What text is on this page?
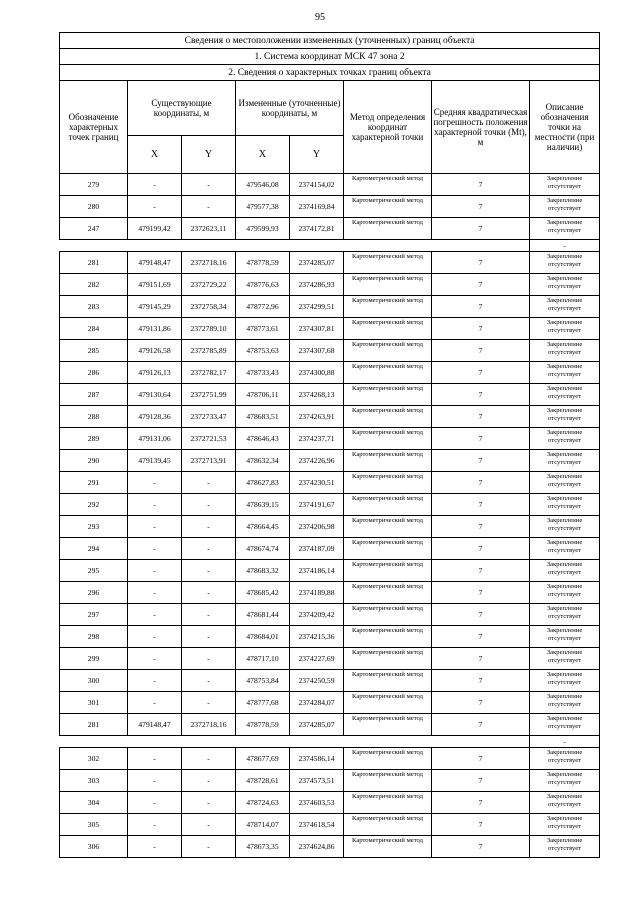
95
Сведения о местоположении измененных (уточненных) границ объекта							
1. Система координат МСК 47 зона 2							
2. Сведения о характерных точках границ объекта							
Обозначение характерных точек границ	Существующие координаты, м		Измененные (уточненные) координаты, м		Метод определения координат характерной точки	Средняя квадратическая погрешность положения характерной точки (Mt), м	Описание обозначения точки на местности (при наличии)
	X	Y	X	Y			
279	-	-	479546,08	2374154,02	Картометрический метод	7	Закрепление отсутствует
280	-	-	479577,38	2374169,84	Картометрический метод	7	Закрепление отсутствует
247	479199,42	2372623,11	479599,93	2374172,81	Картометрический метод	7	Закрепление отсутствует
							-
281	479148,47	2372718,16	478778,59	2374285,07	Картометрический метод	7	Закрепление отсутствует
282	479151,69	2372729,22	478776,63	2374286,93	Картометрический метод	7	Закрепление отсутствует
283	479145,29	2372758,34	478772,96	2374299,51	Картометрический метод	7	Закрепление отсутствует
284	479131,86	2372789,10	478773,61	2374307,81	Картометрический метод	7	Закрепление отсутствует
285	479126,58	2372785,89	478753,63	2374307,68	Картометрический метод	7	Закрепление отсутствует
286	479126,13	2372782,17	478733,43	2374300,88	Картометрический метод	7	Закрепление отсутствует
287	479130,64	2372751,99	478706,11	2374268,13	Картометрический метод	7	Закрепление отсутствует
288	479128,36	2372733,47	478683,51	2374263,91	Картометрический метод	7	Закрепление отсутствует
289	479131,06	2372721,53	478646,43	2374237,71	Картометрический метод	7	Закрепление отсутствует
290	479139,45	2372713,91	478632,34	2374226,96	Картометрический метод	7	Закрепление отсутствует
291	-	-	478627,83	2374230,51	Картометрический метод	7	Закрепление отсутствует
292	-	-	478639,15	2374191,67	Картометрический метод	7	Закрепление отсутствует
293	-	-	478664,45	2374206,98	Картометрический метод	7	Закрепление отсутствует
294	-	-	478674,74	2374187,09	Картометрический метод	7	Закрепление отсутствует
295	-	-	478683,32	2374186,14	Картометрический метод	7	Закрепление отсутствует
296	-	-	478685,42	2374189,88	Картометрический метод	7	Закрепление отсутствует
297	-	-	478681,44	2374209,42	Картометрический метод	7	Закрепление отсутствует
298	-	-	478684,01	2374215,36	Картометрический метод	7	Закрепление отсутствует
299	-	-	478717,10	2374227,69	Картометрический метод	7	Закрепление отсутствует
300	-	-	478753,84	2374250,59	Картометрический метод	7	Закрепление отсутствует
301	-	-	478777,68	2374284,07	Картометрический метод	7	Закрепление отсутствует
281	479148,47	2372718,16	478778,59	2374285,07	Картометрический метод	7	Закрепление отсутствует
							-
302	-	-	478677,69	2374586,14	Картометрический метод	7	Закрепление отсутствует
303	-	-	478728,61	2374573,51	Картометрический метод	7	Закрепление отсутствует
304	-	-	478724,63	2374603,53	Картометрический метод	7	Закрепление отсутствует
305	-	-	478714,07	2374618,54	Картометрический метод	7	Закрепление отсутствует
306	-	-	478673,35	2374624,86	Картометрический метод	7	Закрепление отсутствует
